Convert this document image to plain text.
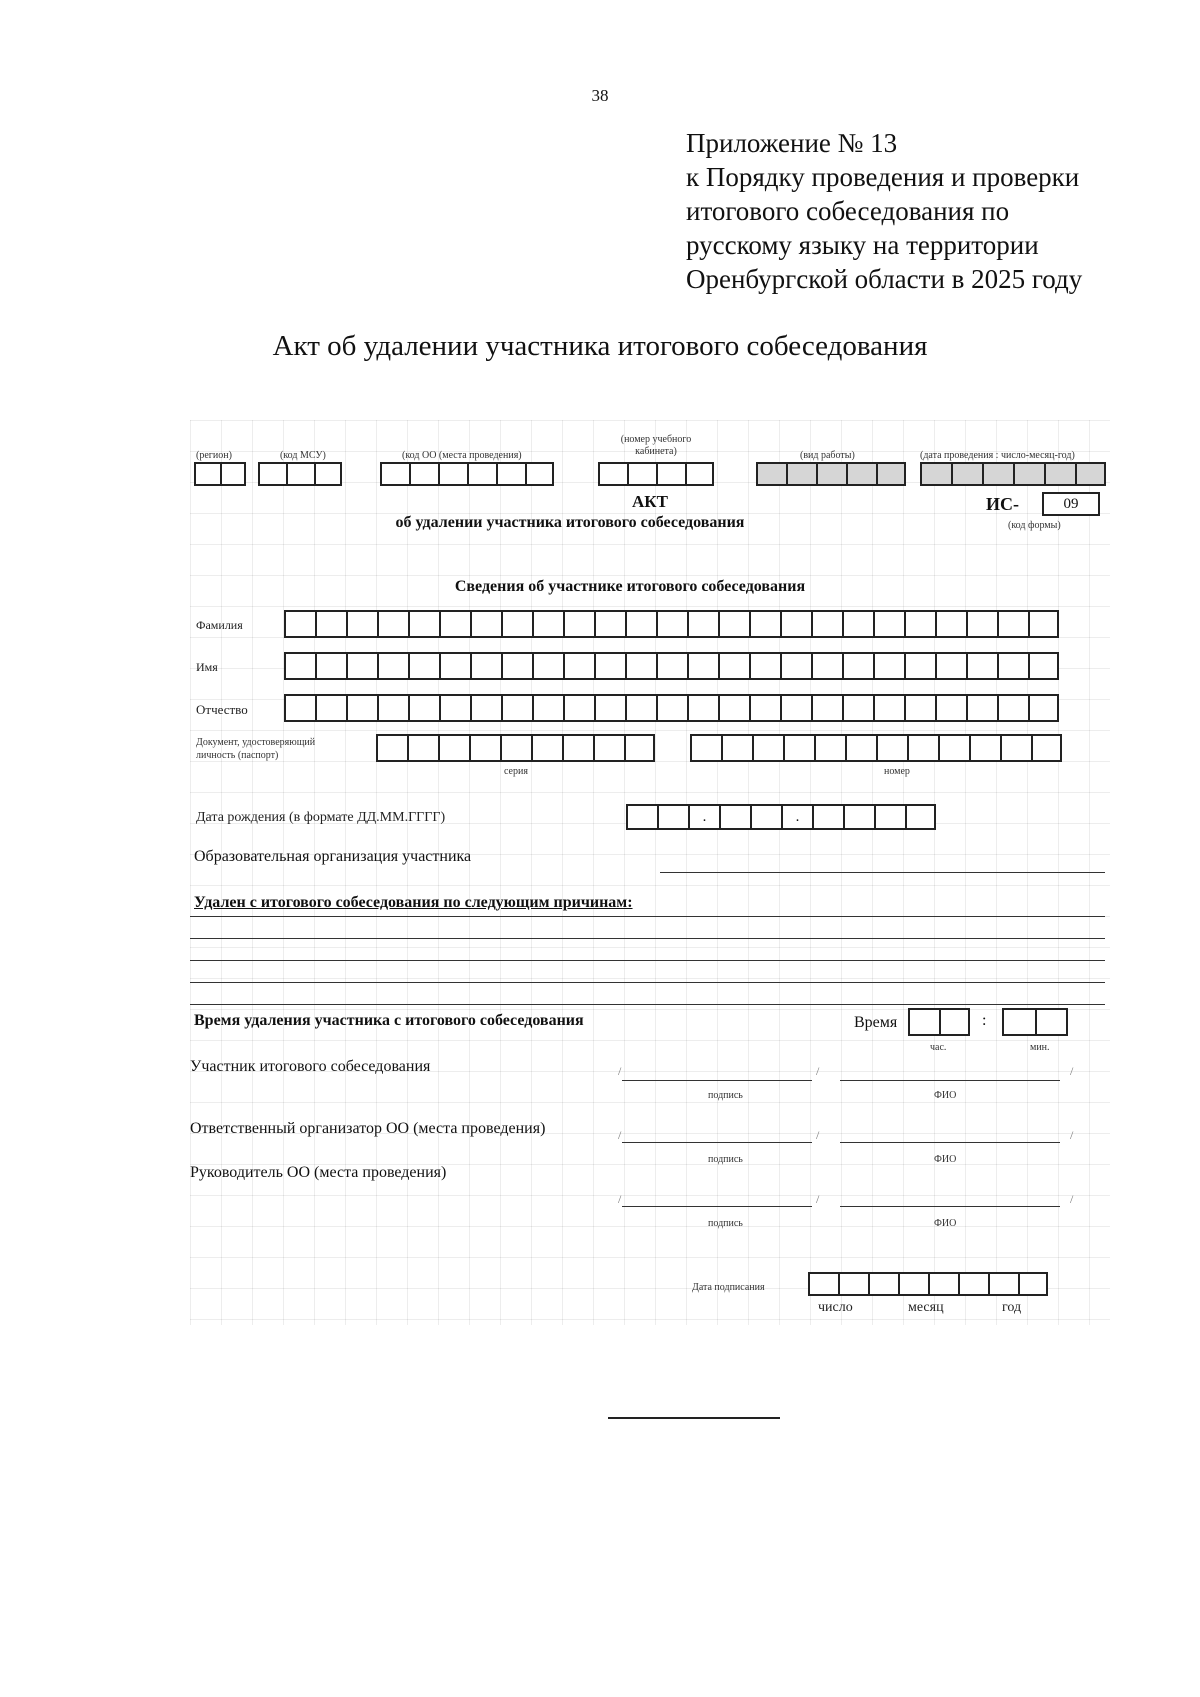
38
Приложение № 13
к Порядку проведения и проверки
итогового собеседования по
русскому языку на территории
Оренбургской области в 2025 году
Акт об удалении участника итогового собеседования
(регион)	(код МСУ)	(код ОО (места проведения)
(номер учебного кабинета)	(вид работы)	(дата проведения : число-месяц-год)
АКТ
об удалении участника итогового собеседования
ИС-	09
(код формы)
Сведения об участнике итогового собеседования
Фамилия
Имя
Отчество
Документ, удостоверяющий личность (паспорт)
серия	номер
Дата рождения (в формате ДД.ММ.ГГГГ)	.	.
Образовательная организация участника
Удален с итогового собеседования по следующим причинам:
Время удаления участника с итогового собеседования	Время	:
час.	мин.
Участник итогового собеседования	/	/	/
подпись	ФИО
Ответственный организатор ОО (места проведения)	/	/	/
подпись	ФИО
Руководитель ОО (места проведения)
/	/	/
подпись	ФИО
Дата подписания
число	месяц	год
